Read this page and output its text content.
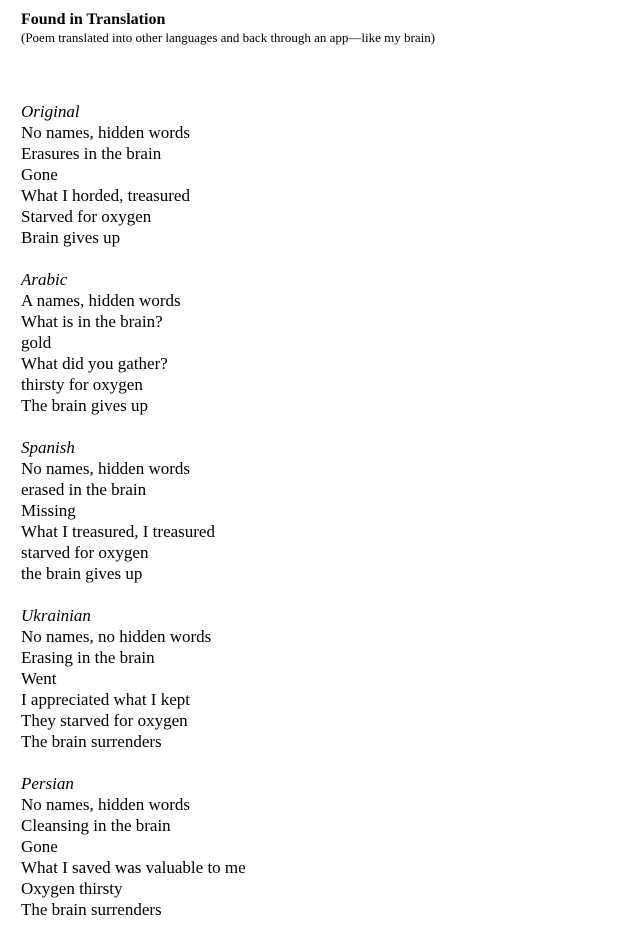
Found in Translation

(Poem translated into other languages and back through an app—like my brain)

Original

No names, hidden words

Erasures in the brain

Gone

What I horded, treasured

Starved for oxygen

Brain gives up

Arabic

A names, hidden words

What is in the brain?

gold

What did you gather?

thirsty for oxygen

The brain gives up

Spanish

No names, hidden words

erased in the brain

Missing

What I treasured, I treasured

starved for oxygen

the brain gives up

Ukrainian

No names, no hidden words

Erasing in the brain

Went

I appreciated what I kept

They starved for oxygen

The brain surrenders

Persian

No names, hidden words

Cleansing in the brain

Gone

What I saved was valuable to me

Oxygen thirsty

The brain surrenders
